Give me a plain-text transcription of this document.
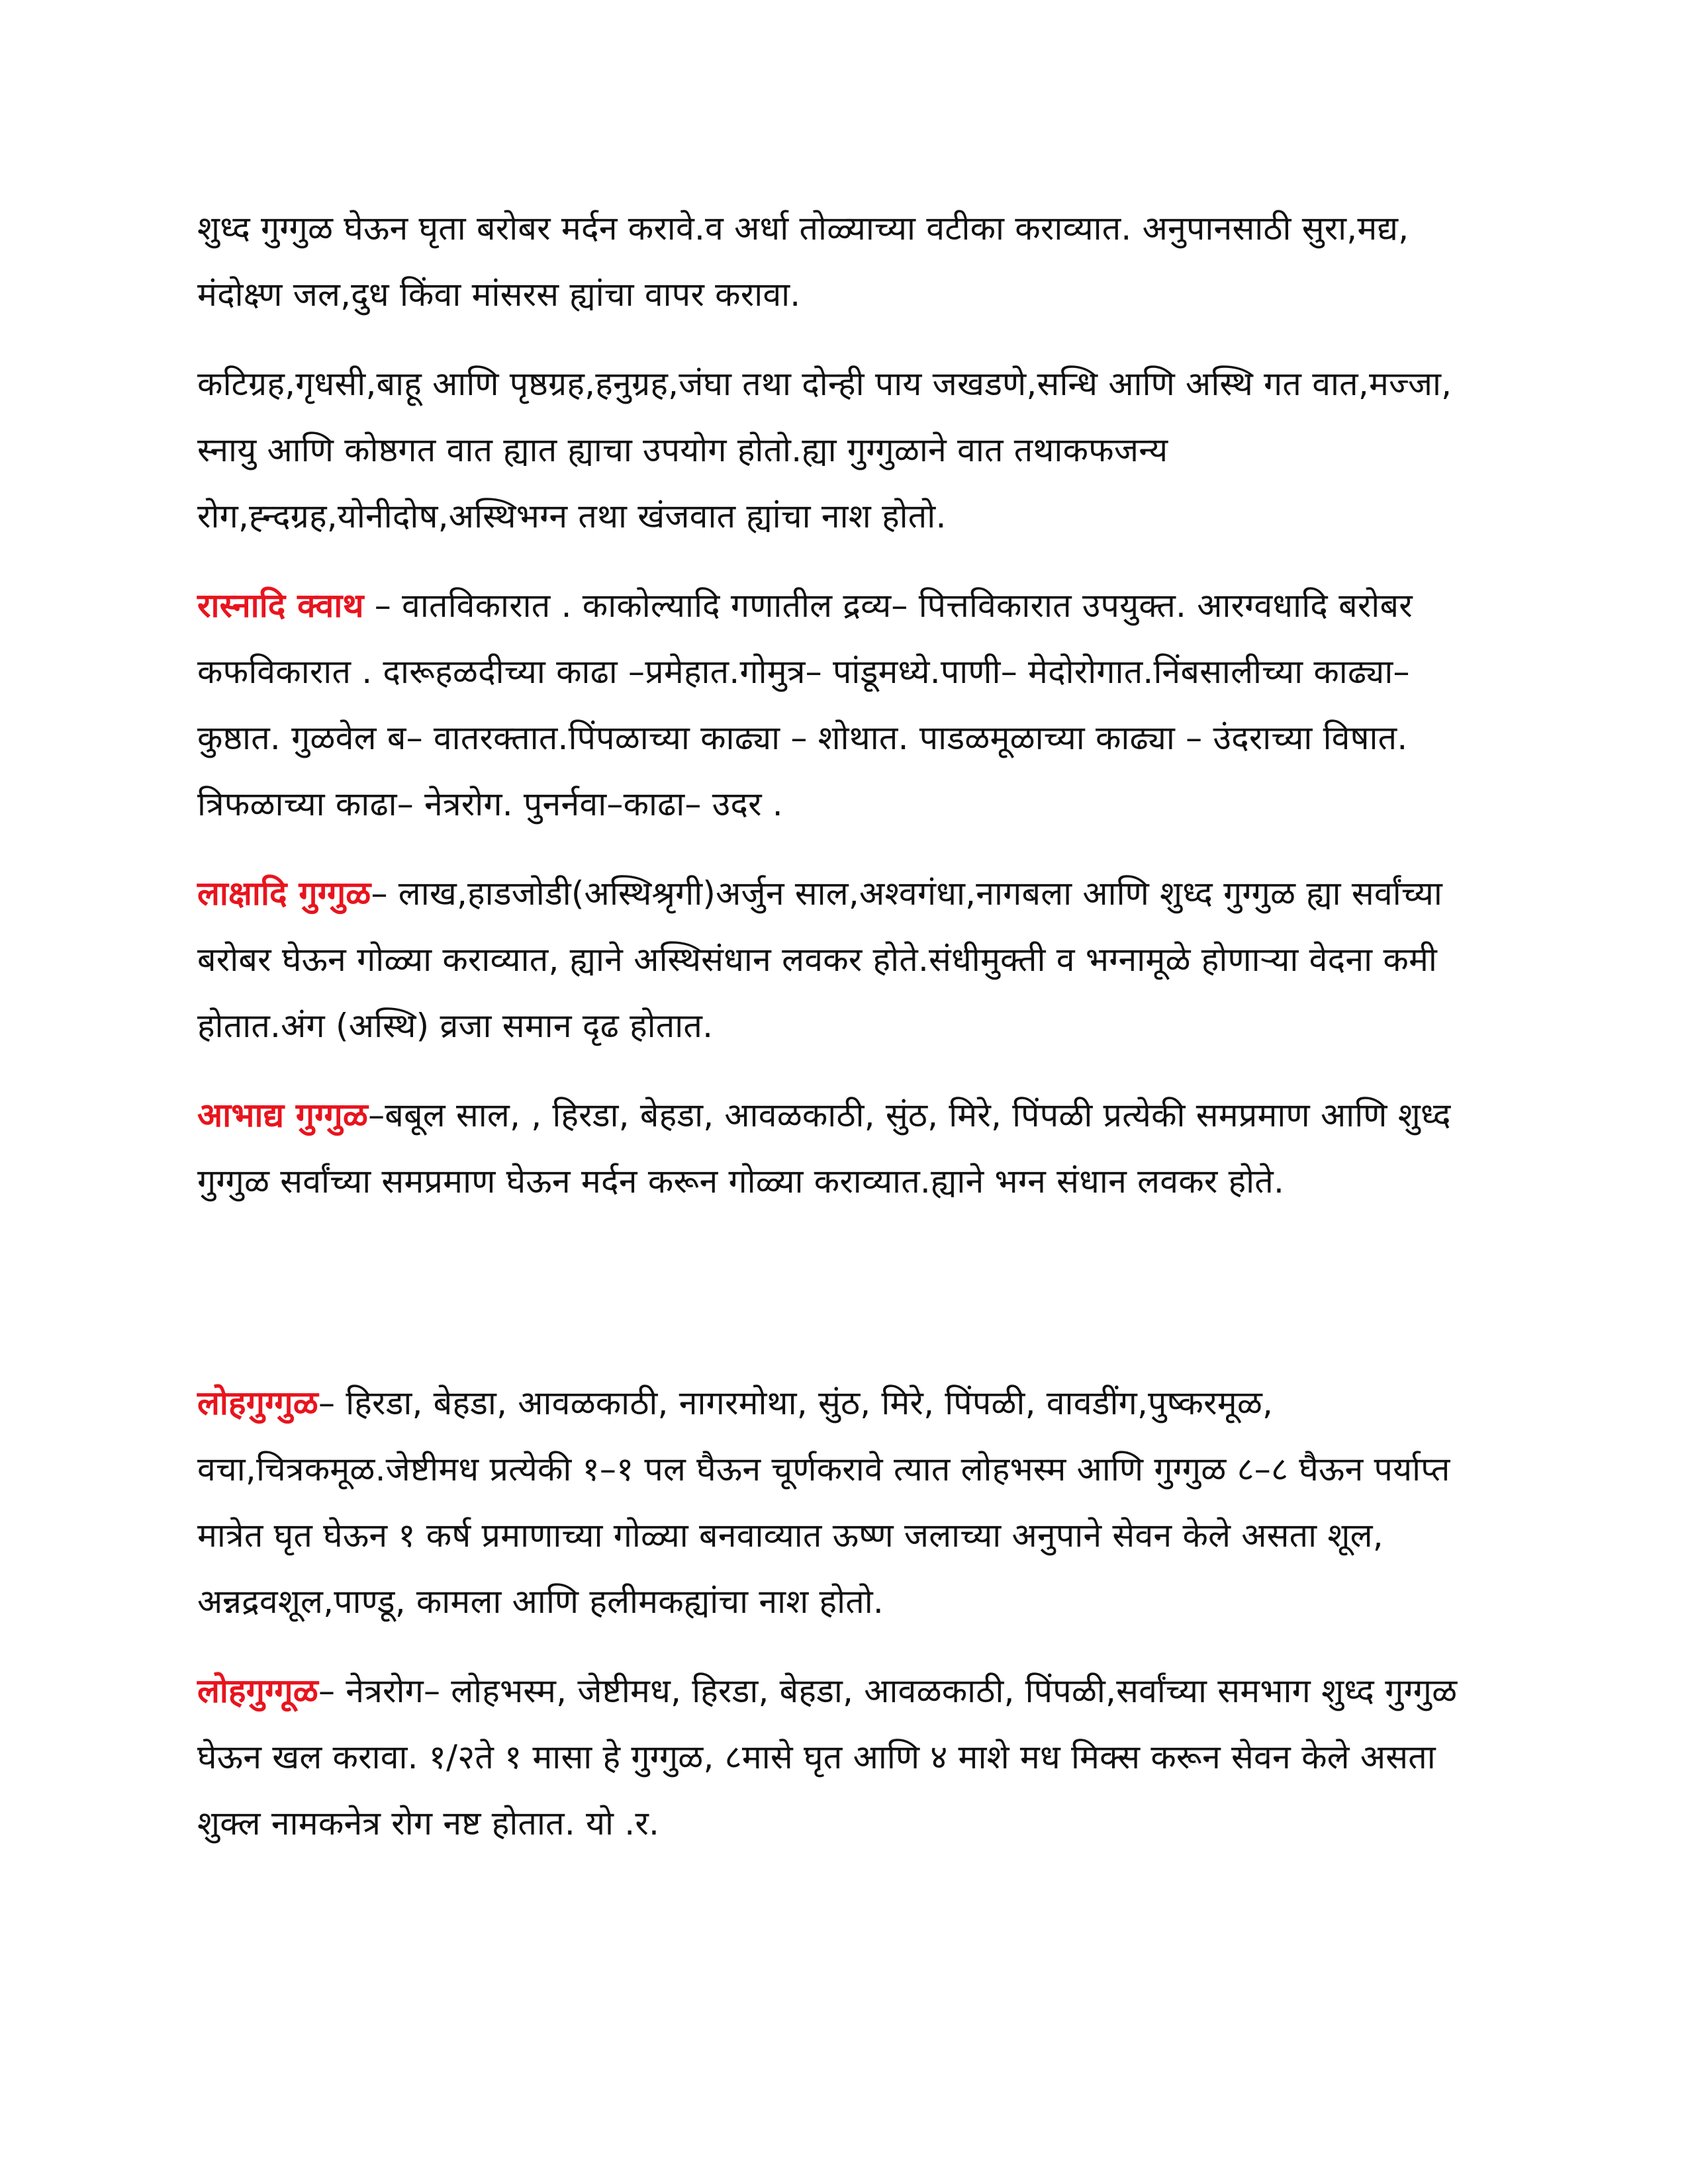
शुध्द गुग्गुळ घेऊन घृता बरोबर मर्दन करावे.व अर्धा तोळ्याच्या वटीका कराव्यात. अनुपानसाठी सुरा,मद्य, मंदोक्ष्ण जल,दुध किंवा मांसरस ह्यांचा वापर करावा.

कटिग्रह,गृधसी,बाहू आणि पृष्ठग्रह,हनुग्रह,जंघा तथा दोन्ही पाय जखडणे,सन्धि आणि अस्थि गत वात,मज्जा, स्नायु आणि कोष्ठगत वात ह्यात ह्याचा उपयोग होतो.ह्या गुग्गुळाने वात तथाकफजन्य रोग,ह्न्दग्रह,योनीदोष,अस्थिभग्न तथा खंजवात ह्यांचा नाश होतो.

रास्नादि क्वाथ – वातविकारात . काकोल्यादि गणातील द्रव्य– पित्तविकारात उपयुक्त. आरग्वधादि बरोबर कफविकारात . दारूहळदीच्या काढा –प्रमेहात.गोमुत्र– पांडूमध्ये.पाणी– मेदोरोगात.निंबसालीच्या काढ्या– कुष्ठात. गुळवेल ब– वातरक्तात.पिंपळाच्या काढ्या – शोथात. पाडळमूळाच्या काढ्या – उंदराच्या विषात. त्रिफळाच्या काढा– नेत्ररोग. पुनर्नवा–काढा– उदर .

लाक्षादि गुग्गुळ– लाख,हाडजोडी(अस्थिश्रृगी)अर्जुन साल,अश्वगंधा,नागबला आणि शुध्द गुग्गुळ ह्या सर्वांच्या बरोबर घेऊन गोळ्या कराव्यात, ह्याने अस्थिसंधान लवकर होते.संधीमुक्ती व भग्नामूळे होणाऱ्या वेदना कमी होतात.अंग (अस्थि) व्रजा समान दृढ होतात.

आभाद्य गुग्गुळ–बबूल साल, , हिरडा, बेहडा, आवळकाठी, सुंठ, मिरे, पिंपळी प्रत्येकी समप्रमाण आणि शुध्द गुग्गुळ सर्वांच्या समप्रमाण घेऊन मर्दन करून गोळ्या कराव्यात.ह्याने भग्न संधान लवकर होते.

लोहगुग्गुळ– हिरडा, बेहडा, आवळकाठी, नागरमोथा, सुंठ, मिरे, पिंपळी, वावडींग,पुष्करमूळ, वचा,चित्रकमूळ.जेष्टीमध प्रत्येकी १–१ पल घैऊन चूर्णकरावे त्यात लोहभस्म आणि गुग्गुळ ८–८ घैऊन पर्याप्त मात्रेत घृत घेऊन १ कर्ष प्रमाणाच्या गोळ्या बनवाव्यात ऊष्ण जलाच्या अनुपाने सेवन केले असता शूल, अन्नद्रवशूल,पाण्डू, कामला आणि हलीमकह्यांचा नाश होतो.

लोहगुग्गूळ– नेत्ररोग– लोहभस्म, जेष्टीमध, हिरडा, बेहडा, आवळकाठी, पिंपळी,सर्वांच्या समभाग शुध्द गुग्गुळ घेऊन खल करावा. १/२ते १ मासा हे गुग्गुळ, ८मासे घृत आणि ४ माशे मध मिक्स करून सेवन केले असता शुक्ल नामकनेत्र रोग नष्ट होतात. यो .र.
